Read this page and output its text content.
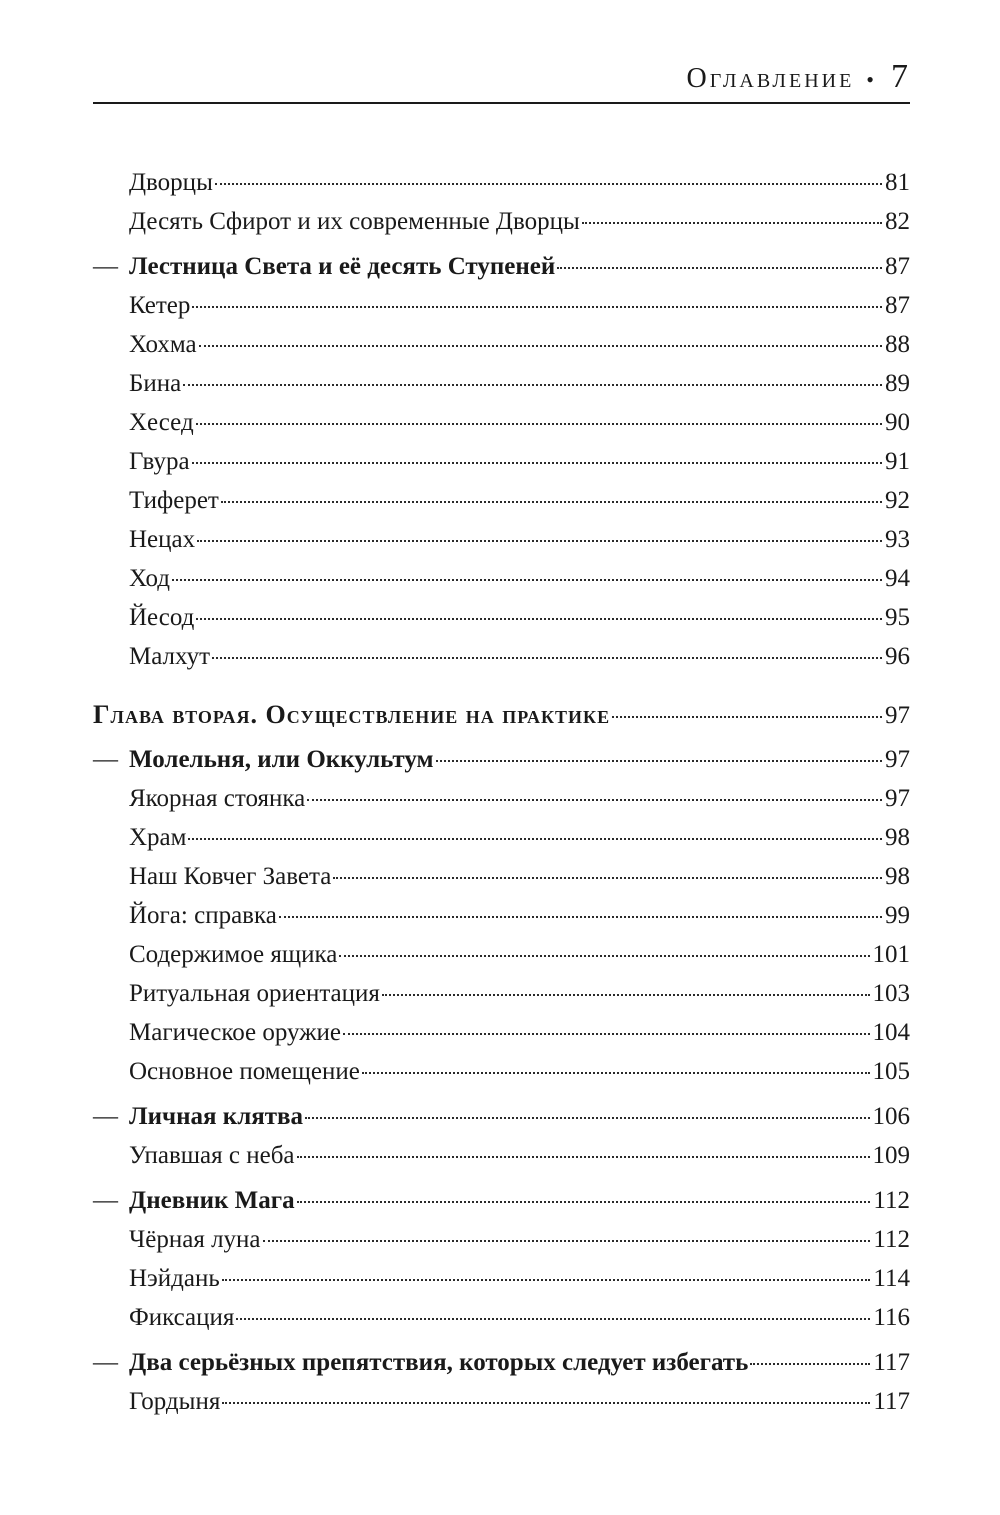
Оглавление • 7
Дворцы	81
Десять Сфирот и их современные Дворцы	82
— Лестница Света и её десять Ступеней	87
Кетер	87
Хохма	88
Бина	89
Хесед	90
Гвура	91
Тиферет	92
Нецах	93
Ход	94
Йесод	95
Малхут	96
Глава вторая. Осуществление на практике	97
— Молельня, или Оккультум	97
Якорная стоянка	97
Храм	98
Наш Ковчег Завета	98
Йога: справка	99
Содержимое ящика	101
Ритуальная ориентация	103
Магическое оружие	104
Основное помещение	105
— Личная клятва	106
Упавшая с неба	109
— Дневник Мага	112
Чёрная луна	112
Нэйдань	114
Фиксация	116
— Два серьёзных препятствия, которых следует избегать	117
Гордыня	117
